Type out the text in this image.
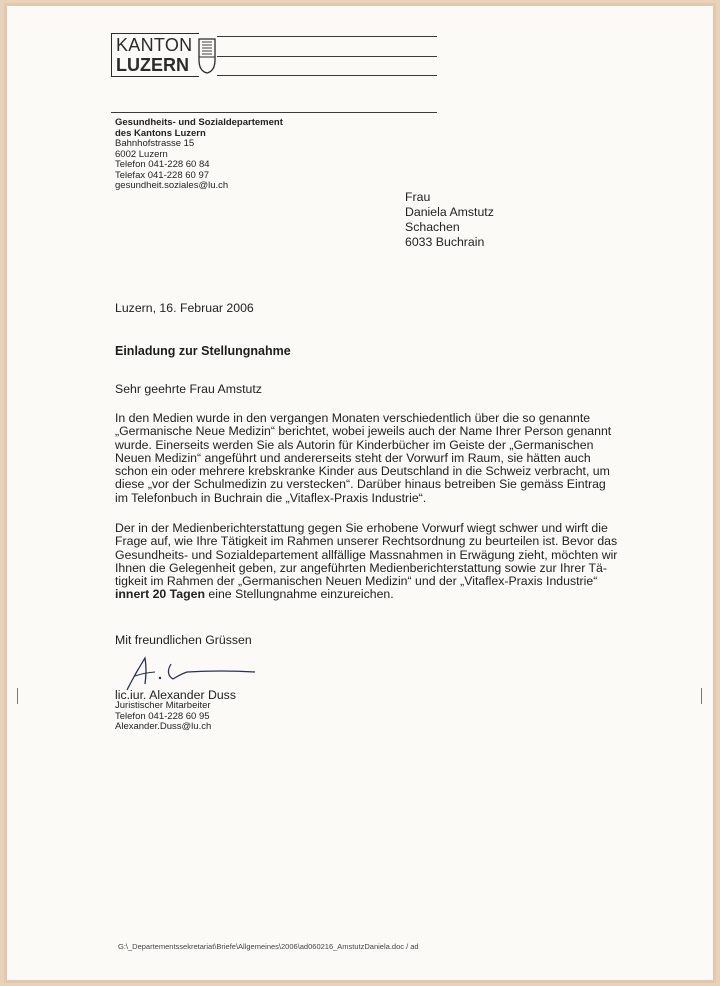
KANTON
LUZERN
Gesundheits- und Sozialdepartement
des Kantons Luzern
Bahnhofstrasse 15
6002 Luzern
Telefon 041-228 60 84
Telefax 041-228 60 97
gesundheit.soziales@lu.ch
Frau
Daniela Amstutz
Schachen
6033 Buchrain
Luzern, 16. Februar 2006
Einladung zur Stellungnahme
Sehr geehrte Frau Amstutz
In den Medien wurde in den vergangen Monaten verschiedentlich über die so genannte
„Germanische Neue Medizin“ berichtet, wobei jeweils auch der Name Ihrer Person genannt
wurde. Einerseits werden Sie als Autorin für Kinderbücher im Geiste der „Germanischen
Neuen Medizin“ angeführt und andererseits steht der Vorwurf im Raum, sie hätten auch
schon ein oder mehrere krebskranke Kinder aus Deutschland in die Schweiz verbracht, um
diese „vor der Schulmedizin zu verstecken“. Darüber hinaus betreiben Sie gemäss Eintrag
im Telefonbuch in Buchrain die „Vitaflex-Praxis Industrie“.
Der in der Medienberichterstattung gegen Sie erhobene Vorwurf wiegt schwer und wirft die
Frage auf, wie Ihre Tätigkeit im Rahmen unserer Rechtsordnung zu beurteilen ist. Bevor das
Gesundheits- und Sozialdepartement allfällige Massnahmen in Erwägung zieht, möchten wir
Ihnen die Gelegenheit geben, zur angeführten Medienberichterstattung sowie zur Ihrer Tä-
tigkeit im Rahmen der „Germanischen Neuen Medizin“ und der „Vitaflex-Praxis Industrie“
innert 20 Tagen eine Stellungnahme einzureichen.
Mit freundlichen Grüssen
lic.iur. Alexander Duss
Juristischer Mitarbeiter
Telefon 041-228 60 95
Alexander.Duss@lu.ch
G:\_Departementssekretariat\Briefe\Allgemeines\2006\ad060216_AmstutzDaniela.doc / ad
